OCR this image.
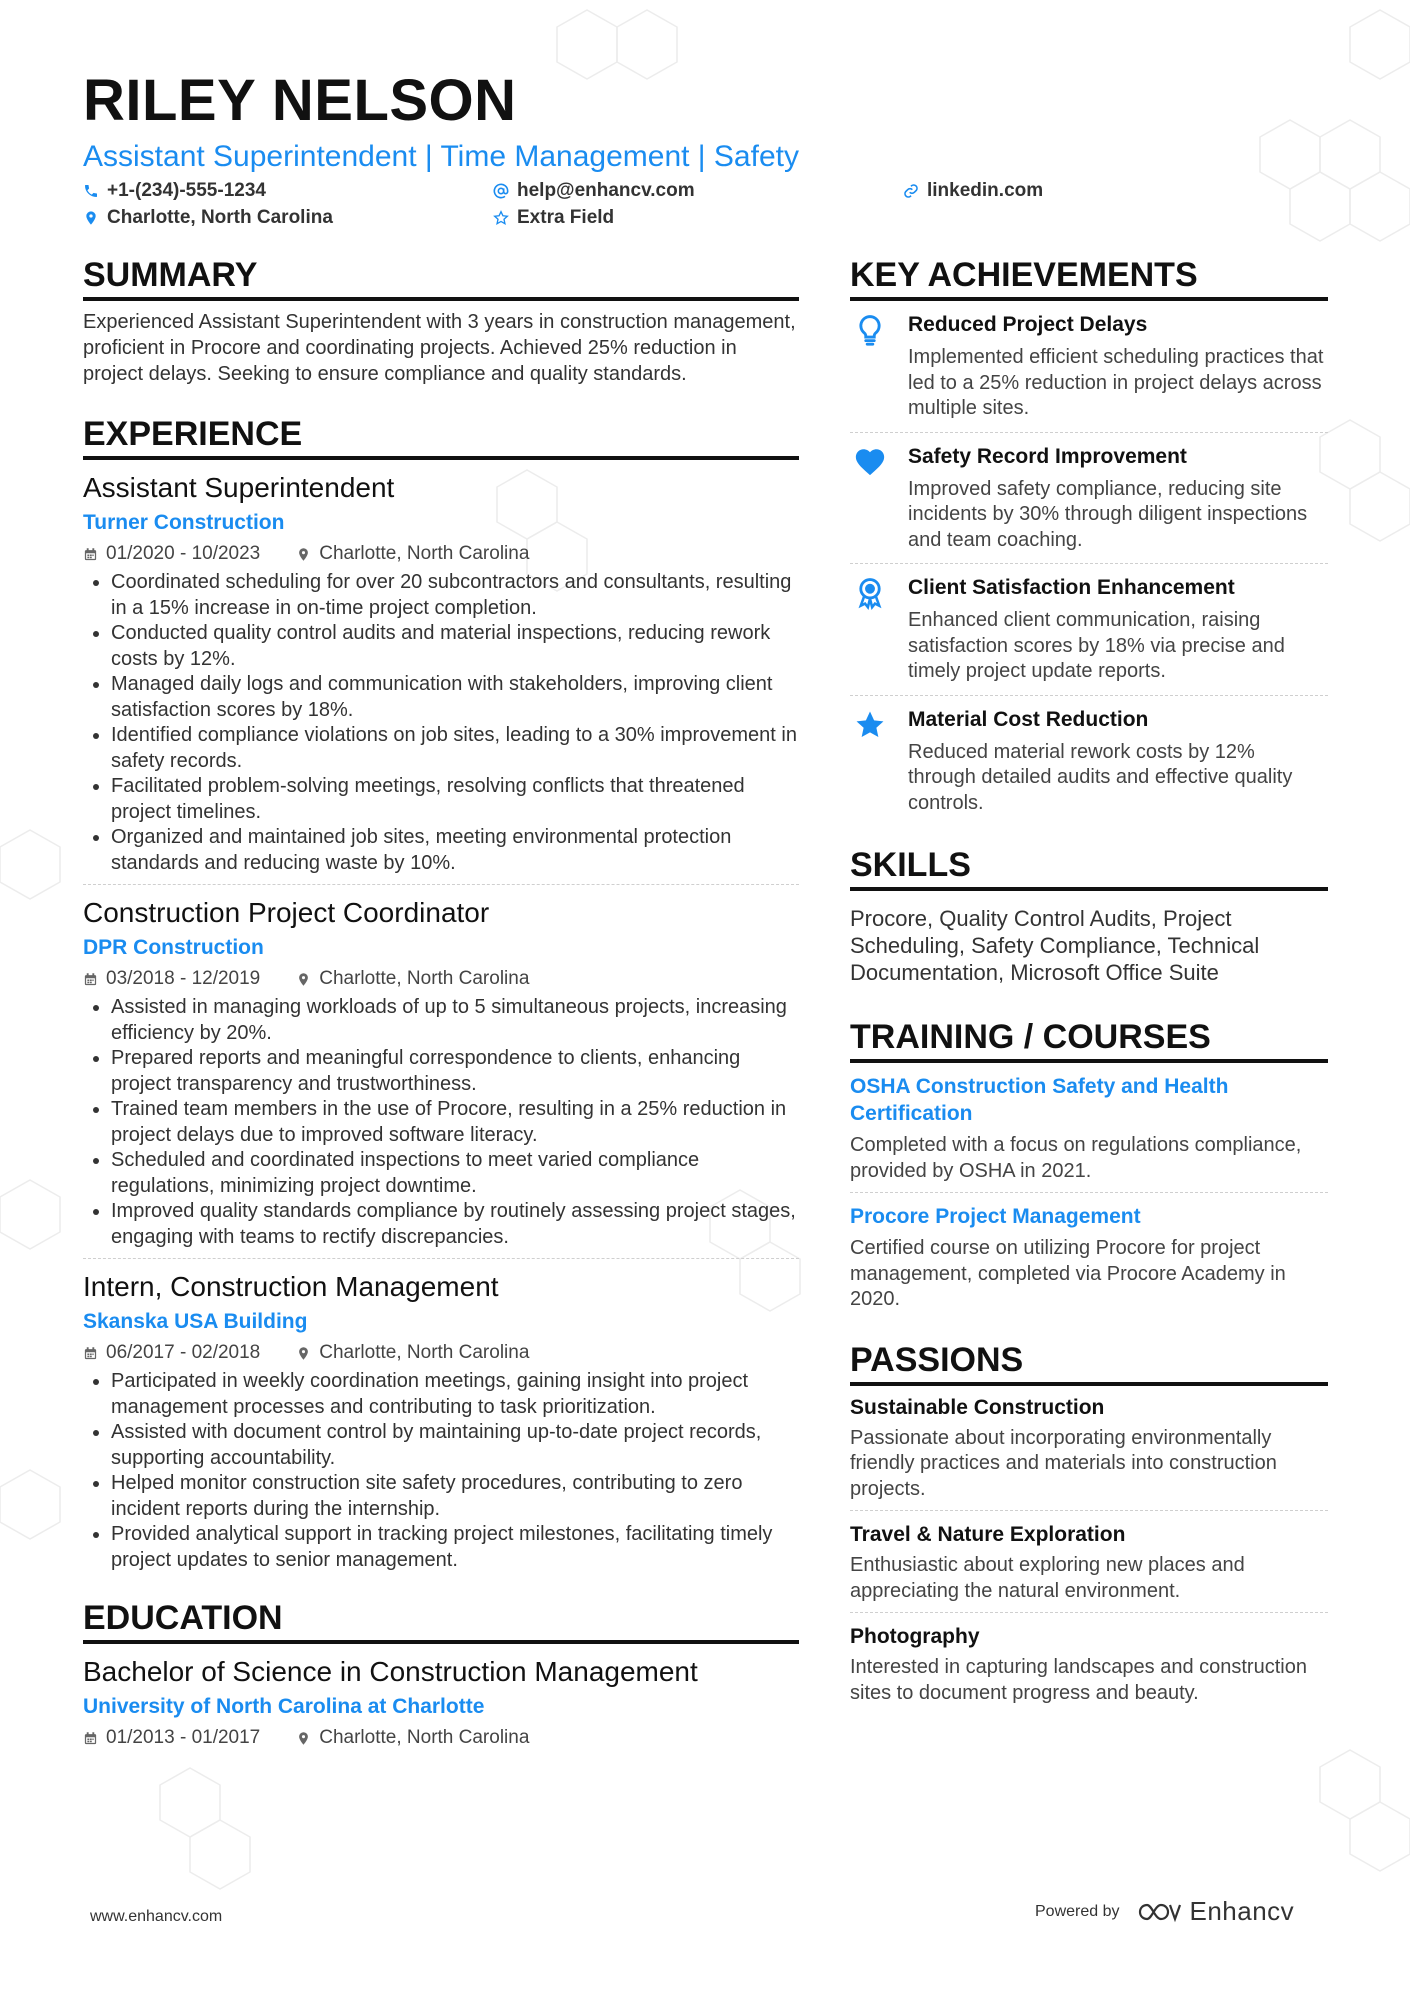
RILEY NELSON
Assistant Superintendent | Time Management | Safety
+1-(234)-555-1234	help@enhancv.com	linkedin.com
Charlotte, North Carolina	Extra Field
SUMMARY
Experienced Assistant Superintendent with 3 years in construction management, proficient in Procore and coordinating projects. Achieved 25% reduction in project delays. Seeking to ensure compliance and quality standards.
EXPERIENCE
Assistant Superintendent
Turner Construction
01/2020 - 10/2023	Charlotte, North Carolina
• Coordinated scheduling for over 20 subcontractors and consultants, resulting in a 15% increase in on-time project completion.
• Conducted quality control audits and material inspections, reducing rework costs by 12%.
• Managed daily logs and communication with stakeholders, improving client satisfaction scores by 18%.
• Identified compliance violations on job sites, leading to a 30% improvement in safety records.
• Facilitated problem-solving meetings, resolving conflicts that threatened project timelines.
• Organized and maintained job sites, meeting environmental protection standards and reducing waste by 10%.
Construction Project Coordinator
DPR Construction
03/2018 - 12/2019	Charlotte, North Carolina
• Assisted in managing workloads of up to 5 simultaneous projects, increasing efficiency by 20%.
• Prepared reports and meaningful correspondence to clients, enhancing project transparency and trustworthiness.
• Trained team members in the use of Procore, resulting in a 25% reduction in project delays due to improved software literacy.
• Scheduled and coordinated inspections to meet varied compliance regulations, minimizing project downtime.
• Improved quality standards compliance by routinely assessing project stages, engaging with teams to rectify discrepancies.
Intern, Construction Management
Skanska USA Building
06/2017 - 02/2018	Charlotte, North Carolina
• Participated in weekly coordination meetings, gaining insight into project management processes and contributing to task prioritization.
• Assisted with document control by maintaining up-to-date project records, supporting accountability.
• Helped monitor construction site safety procedures, contributing to zero incident reports during the internship.
• Provided analytical support in tracking project milestones, facilitating timely project updates to senior management.
EDUCATION
Bachelor of Science in Construction Management
University of North Carolina at Charlotte
01/2013 - 01/2017	Charlotte, North Carolina
KEY ACHIEVEMENTS
Reduced Project Delays
Implemented efficient scheduling practices that led to a 25% reduction in project delays across multiple sites.
Safety Record Improvement
Improved safety compliance, reducing site incidents by 30% through diligent inspections and team coaching.
Client Satisfaction Enhancement
Enhanced client communication, raising satisfaction scores by 18% via precise and timely project update reports.
Material Cost Reduction
Reduced material rework costs by 12% through detailed audits and effective quality controls.
SKILLS
Procore, Quality Control Audits, Project Scheduling, Safety Compliance, Technical Documentation, Microsoft Office Suite
TRAINING / COURSES
OSHA Construction Safety and Health Certification
Completed with a focus on regulations compliance, provided by OSHA in 2021.
Procore Project Management
Certified course on utilizing Procore for project management, completed via Procore Academy in 2020.
PASSIONS
Sustainable Construction
Passionate about incorporating environmentally friendly practices and materials into construction projects.
Travel & Nature Exploration
Enthusiastic about exploring new places and appreciating the natural environment.
Photography
Interested in capturing landscapes and construction sites to document progress and beauty.
www.enhancv.com	Powered by	Enhancv
